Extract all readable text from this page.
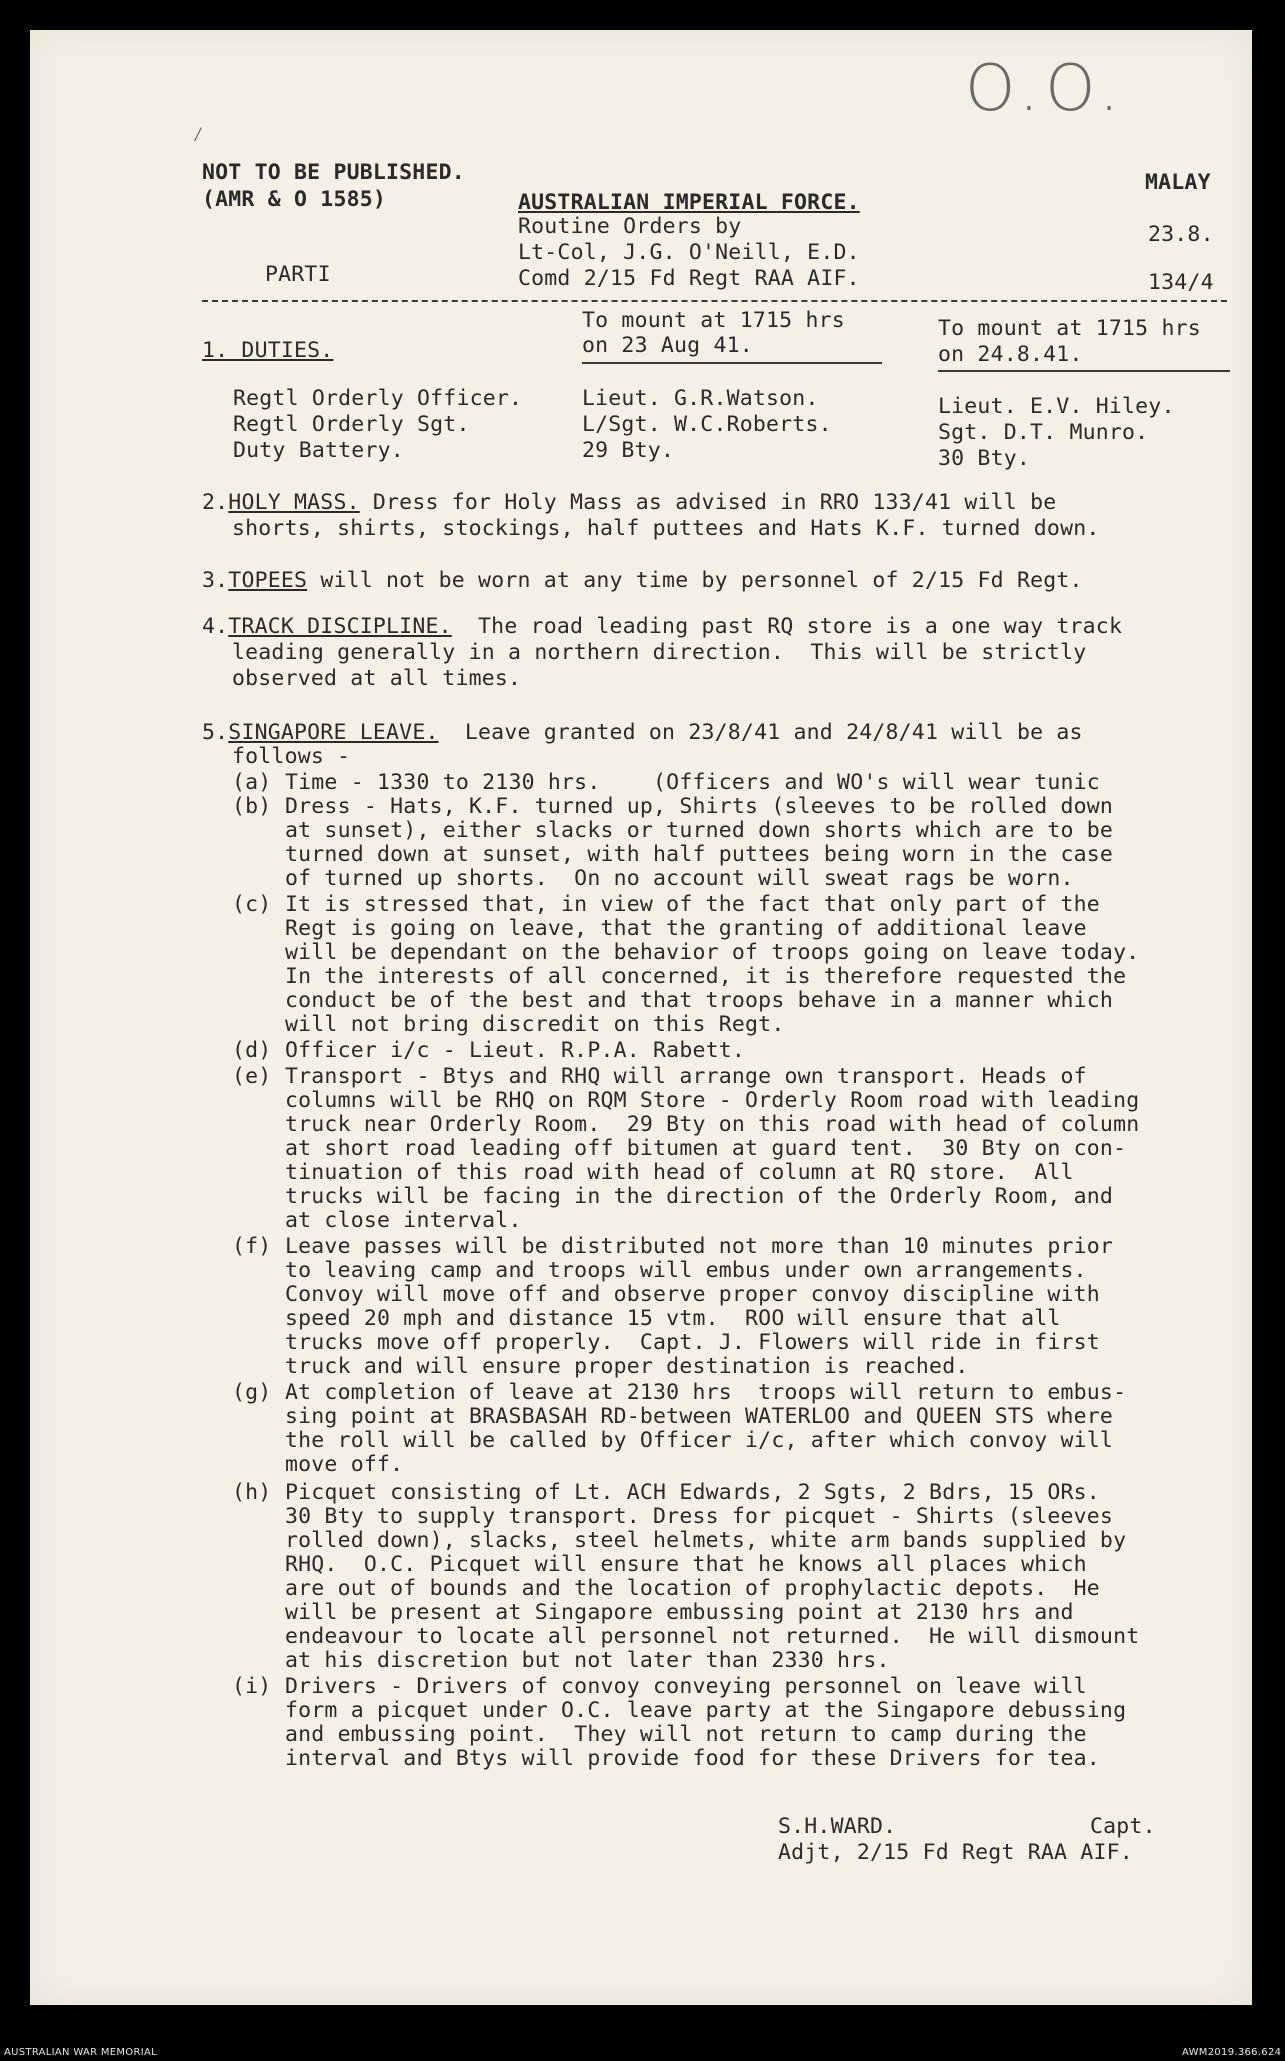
O.O.
⁄
NOT TO BE PUBLISHED.
(AMR & O 1585)
PARTI
AUSTRALIAN IMPERIAL FORCE.
Routine Orders by
Lt-Col, J.G. O'Neill, E.D.
Comd 2/15 Fd Regt RAA AIF.
MALAY
23.8.
134/4
1. DUTIES.
To mount at 1715 hrs
on 23 Aug 41.
To mount at 1715 hrs
on 24.8.41.
Regtl Orderly Officer.	Lieut. G.R.Watson.	Lieut. E.V. Hiley.
Regtl Orderly Sgt.	L/Sgt. W.C.Roberts.	Sgt. D.T. Munro.
Duty Battery.	29 Bty.	30 Bty.
2.HOLY MASS. Dress for Holy Mass as advised in RRO 133/41 will be
shorts, shirts, stockings, half puttees and Hats K.F. turned down.
3.TOPEES will not be worn at any time by personnel of 2/15 Fd Regt.
4.TRACK DISCIPLINE.  The road leading past RQ store is a one way track
leading generally in a northern direction.  This will be strictly
observed at all times.
5.SINGAPORE LEAVE.  Leave granted on 23/8/41 and 24/8/41 will be as
follows -
(a) Time - 1330 to 2130 hrs.    (Officers and WO's will wear tunic
(b) Dress - Hats, K.F. turned up, Shirts (sleeves to be rolled down
at sunset), either slacks or turned down shorts which are to be
turned down at sunset, with half puttees being worn in the case
of turned up shorts.  On no account will sweat rags be worn.
(c) It is stressed that, in view of the fact that only part of the
Regt is going on leave, that the granting of additional leave
will be dependant on the behavior of troops going on leave today.
In the interests of all concerned, it is therefore requested the
conduct be of the best and that troops behave in a manner which
will not bring discredit on this Regt.
(d) Officer i/c - Lieut. R.P.A. Rabett.
(e) Transport - Btys and RHQ will arrange own transport. Heads of
columns will be RHQ on RQM Store - Orderly Room road with leading
truck near Orderly Room.  29 Bty on this road with head of column
at short road leading off bitumen at guard tent.  30 Bty on con-
tinuation of this road with head of column at RQ store.  All
trucks will be facing in the direction of the Orderly Room, and
at close interval.
(f) Leave passes will be distributed not more than 10 minutes prior
to leaving camp and troops will embus under own arrangements.
Convoy will move off and observe proper convoy discipline with
speed 20 mph and distance 15 vtm.  ROO will ensure that all
trucks move off properly.  Capt. J. Flowers will ride in first
truck and will ensure proper destination is reached.
(g) At completion of leave at 2130 hrs  troops will return to embus-
sing point at BRASBASAH RD-between WATERLOO and QUEEN STS where
the roll will be called by Officer i/c, after which convoy will
move off.
(h) Picquet consisting of Lt. ACH Edwards, 2 Sgts, 2 Bdrs, 15 ORs.
30 Bty to supply transport. Dress for picquet - Shirts (sleeves
rolled down), slacks, steel helmets, white arm bands supplied by
RHQ.  O.C. Picquet will ensure that he knows all places which
are out of bounds and the location of prophylactic depots.  He
will be present at Singapore embussing point at 2130 hrs and
endeavour to locate all personnel not returned.  He will dismount
at his discretion but not later than 2330 hrs.
(i) Drivers - Drivers of convoy conveying personnel on leave will
form a picquet under O.C. leave party at the Singapore debussing
and embussing point.  They will not return to camp during the
interval and Btys will provide food for these Drivers for tea.
S.H.WARD.	Capt.
Adjt, 2/15 Fd Regt RAA AIF.
AUSTRALIAN WAR MEMORIAL	AWM2019.366.624
